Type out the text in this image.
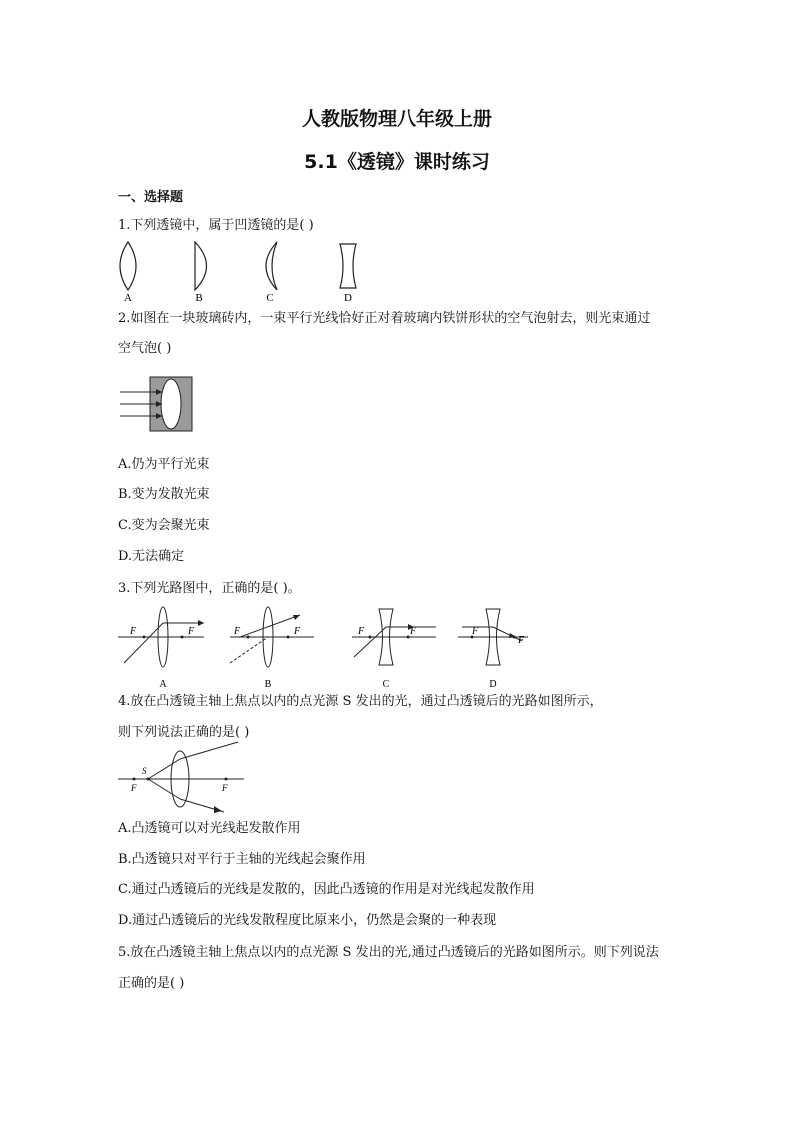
人教版物理八年级上册
5.1《透镜》课时练习
一、选择题
1.下列透镜中，属于凹透镜的是( )
A	B	C	D
2.如图在一块玻璃砖内，一束平行光线恰好正对着玻璃内铁饼形状的空气泡射去，则光束通过
空气泡( )
A.仍为平行光束
B.变为发散光束
C.变为会聚光束
D.无法确定
3.下列光路图中，正确的是( )。
F	F
A
F	F
B
F	F
C
F
F
D
4.放在凸透镜主轴上焦点以内的点光源 S 发出的光，通过凸透镜后的光路如图所示，
则下列说法正确的是( )
S
F	F
A.凸透镜可以对光线起发散作用
B.凸透镜只对平行于主轴的光线起会聚作用
C.通过凸透镜后的光线是发散的，因此凸透镜的作用是对光线起发散作用
D.通过凸透镜后的光线发散程度比原来小，仍然是会聚的一种表现
5.放在凸透镜主轴上焦点以内的点光源 S 发出的光,通过凸透镜后的光路如图所示。则下列说法
正确的是( )
